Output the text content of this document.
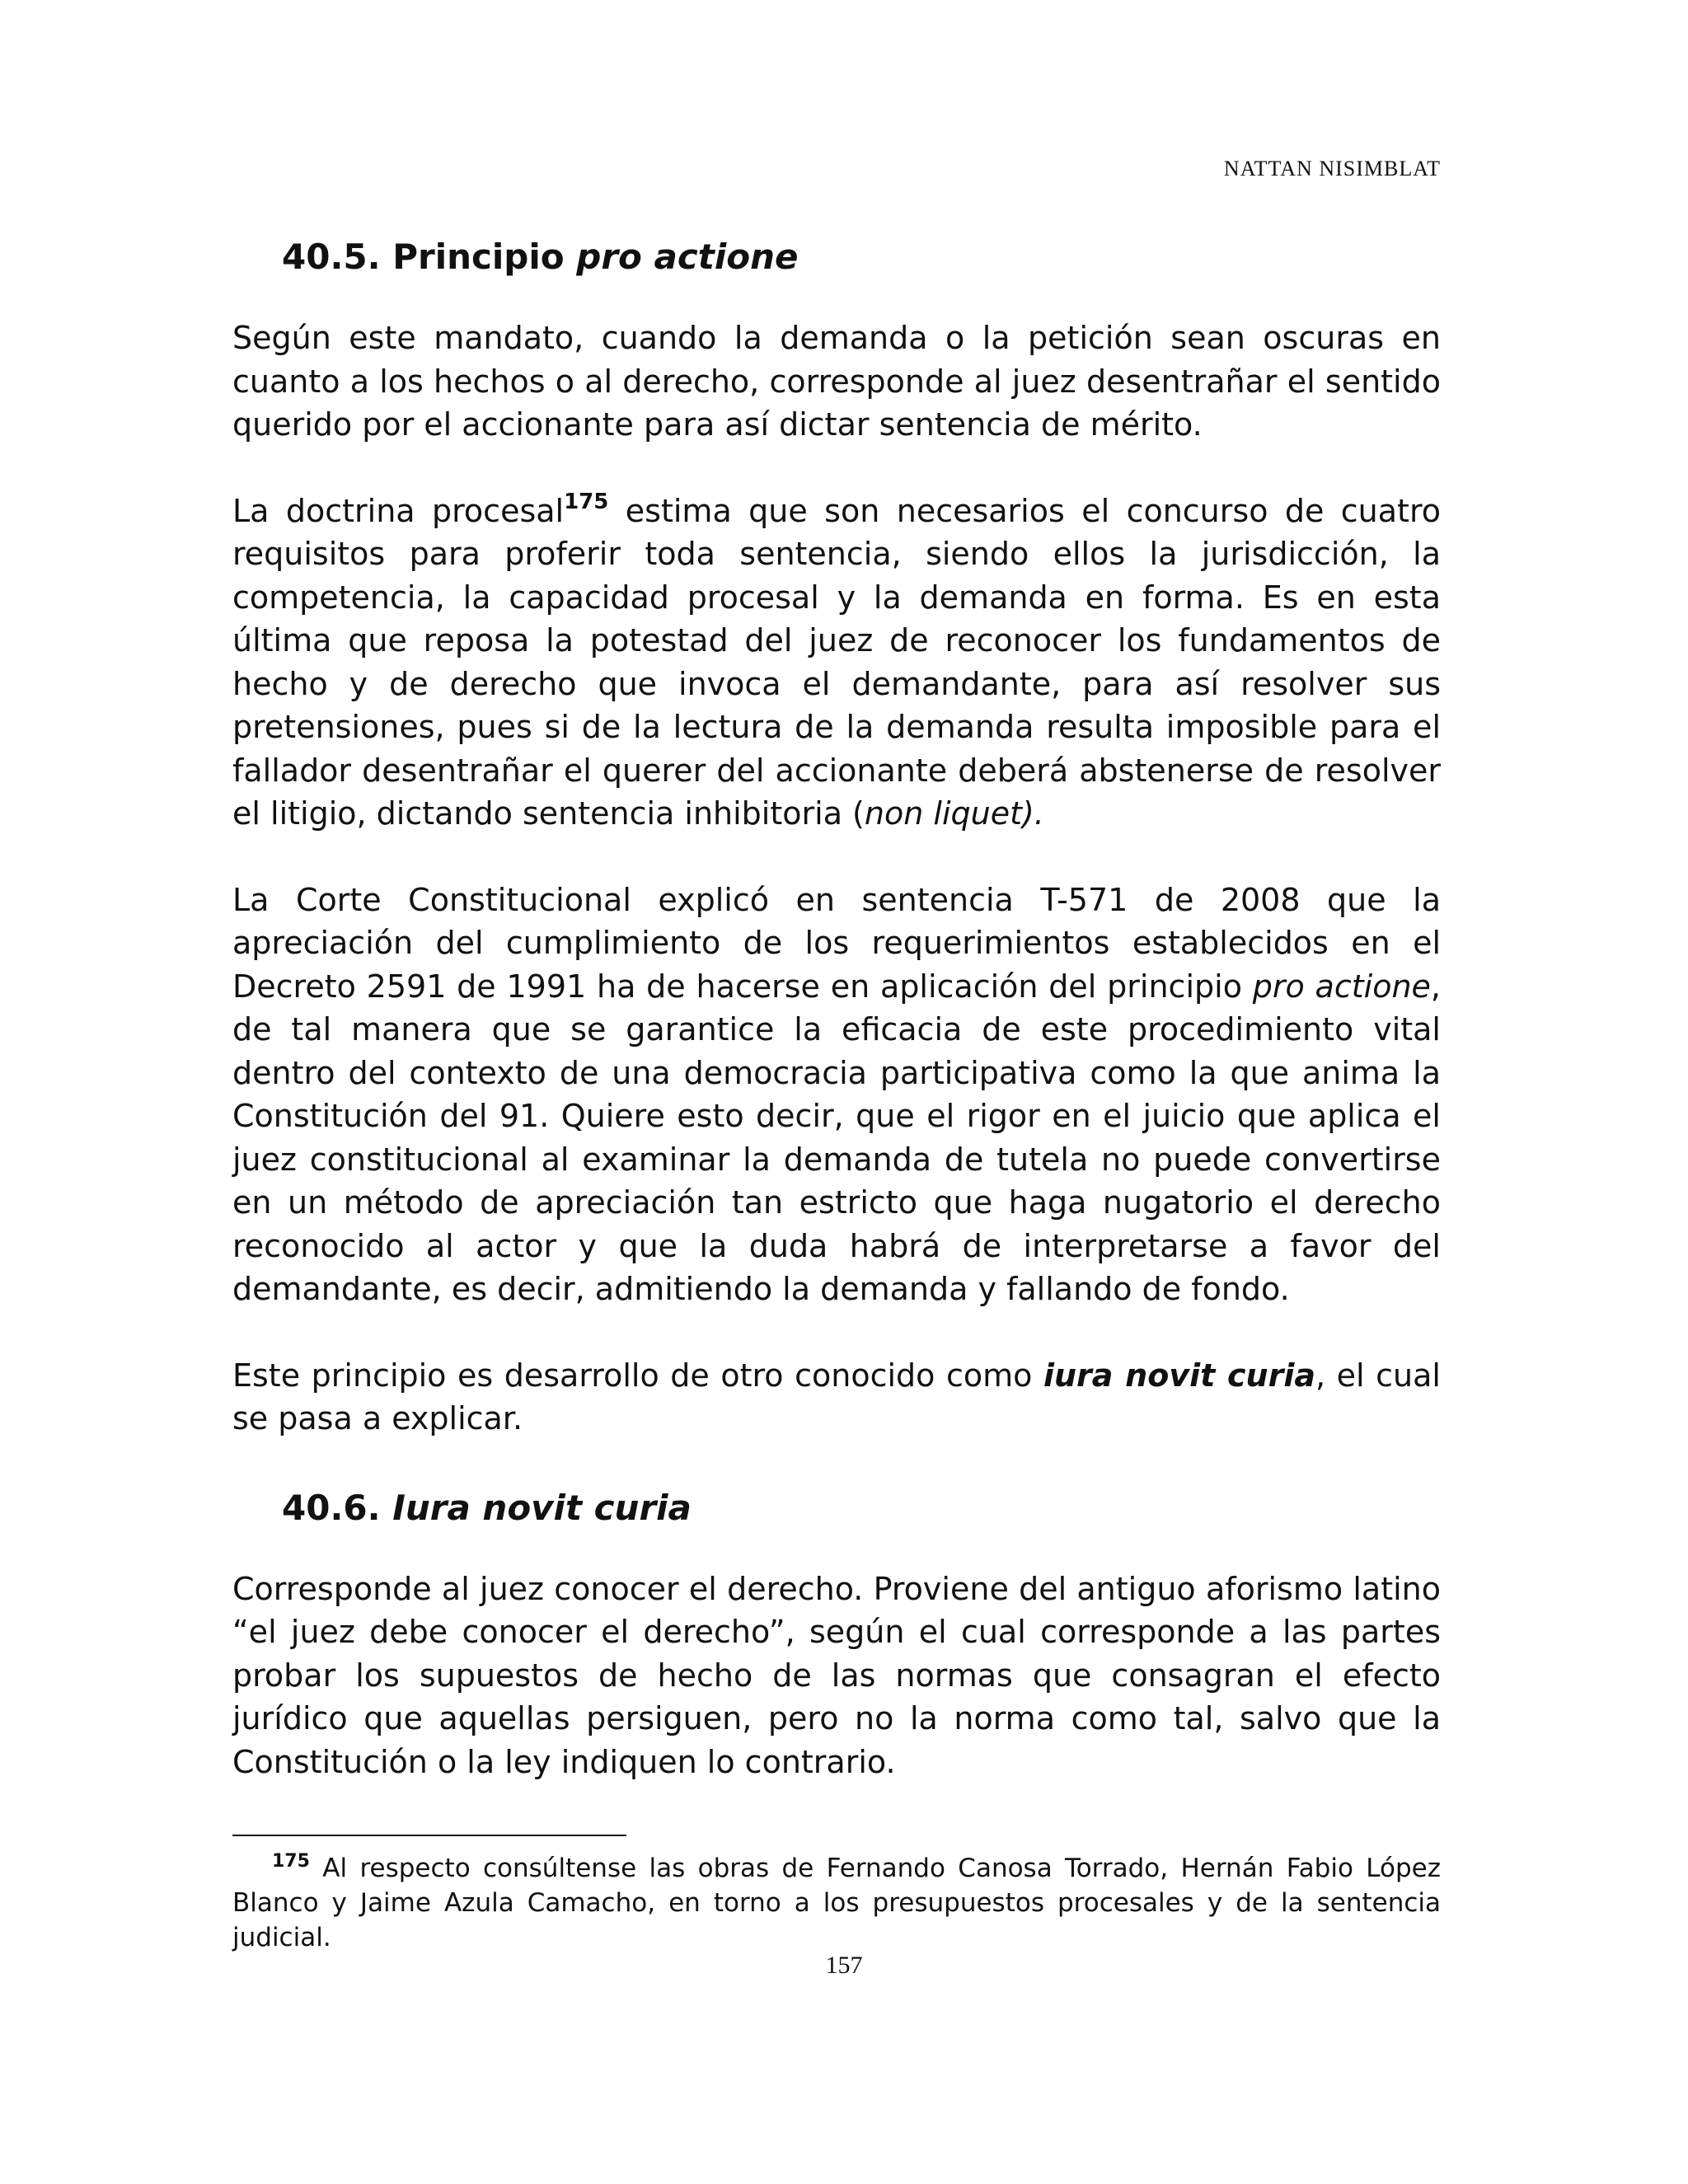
NATTAN NISIMBLAT
40.5. Principio pro actione

Según este mandato, cuando la demanda o la petición sean oscuras en cuanto a los hechos o al derecho, corresponde al juez desentrañar el sentido querido por el accionante para así dictar sentencia de mérito.

La doctrina procesal$^{175}$ estima que son necesarios el concurso de cuatro requisitos para proferir toda sentencia, siendo ellos la jurisdicción, la competencia, la capacidad procesal y la demanda en forma. Es en esta última que reposa la potestad del juez de reconocer los fundamentos de hecho y de derecho que invoca el demandante, para así resolver sus pretensiones, pues si de la lectura de la demanda resulta imposible para el fallador desentrañar el querer del accionante deberá abstenerse de resolver el litigio, dictando sentencia inhibitoria (non liquet).

La Corte Constitucional explicó en sentencia T-571 de 2008 que la apreciación del cumplimiento de los requerimientos establecidos en el Decreto 2591 de 1991 ha de hacerse en aplicación del principio pro actione, de tal manera que se garantice la eficacia de este procedimiento vital dentro del contexto de una democracia participativa como la que anima la Constitución del 91. Quiere esto decir, que el rigor en el juicio que aplica el juez constitucional al examinar la demanda de tutela no puede convertirse en un método de apreciación tan estricto que haga nugatorio el derecho reconocido al actor y que la duda habrá de interpretarse a favor del demandante, es decir, admitiendo la demanda y fallando de fondo.

Este principio es desarrollo de otro conocido como iura novit curia, el cual se pasa a explicar.

40.6. Iura novit curia

Corresponde al juez conocer el derecho. Proviene del antiguo aforismo latino “el juez debe conocer el derecho”, según el cual corresponde a las partes probar los supuestos de hecho de las normas que consagran el efecto jurídico que aquellas persiguen, pero no la norma como tal, salvo que la Constitución o la ley indiquen lo contrario.

$^{175}$ Al respecto consúltense las obras de Fernando Canosa Torrado, Hernán Fabio López Blanco y Jaime Azula Camacho, en torno a los presupuestos procesales y de la sentencia judicial.
157
